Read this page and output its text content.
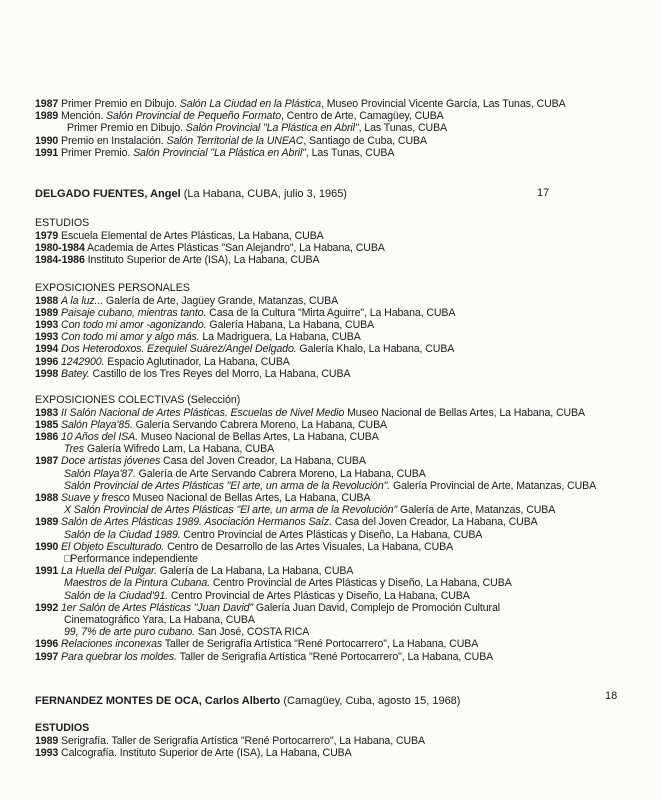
1987 Primer Premio en Dibujo. Salón La Ciudad en la Plástica, Museo Provincial Vicente García, Las Tunas, CUBA
1989 Mención. Salón Provincial de Pequeño Formato, Centro de Arte, Camagüey, CUBA
Primer Premio en Dibujo. Salón Provincial "La Plástica en Abril", Las Tunas, CUBA
1990 Premio en Instalación. Salón Territorial de la UNEAC, Santiago de Cuba, CUBA
1991 Primer Premio. Salón Provincial "La Plástica en Abril", Las Tunas, CUBA
DELGADO FUENTES, Angel (La Habana, CUBA, julio 3, 1965)	17
ESTUDIOS
1979 Escuela Elemental de Artes Plásticas, La Habana, CUBA
1980-1984 Academia de Artes Plásticas "San Alejandro", La Habana, CUBA
1984-1986 Instituto Superior de Arte (ISA), La Habana, CUBA
EXPOSICIONES PERSONALES
1988 A la luz... Galería de Arte, Jagüey Grande, Matanzas, CUBA
1989 Paisaje cubano, mientras tanto. Casa de la Cultura "Mirta Aguirre", La Habana, CUBA
1993 Con todo mi amor -agonizando. Galería Habana, La Habana, CUBA
1993 Con todo mi amor y algo más. La Madriguera, La Habana, CUBA
1994 Dos Heterodoxos. Ezequiel Suárez/Angel Delgado. Galería Khalo, La Habana, CUBA
1996 1242900. Espacio Aglutinador, La Habana, CUBA
1998 Batey. Castillo de los Tres Reyes del Morro, La Habana, CUBA
EXPOSICIONES COLECTIVAS (Selección)
1983 II Salón Nacional de Artes Plásticas. Escuelas de Nivel Medio Museo Nacional de Bellas Artes, La Habana, CUBA
1985 Salón Playa'85. Galería Servando Cabrera Moreno, La Habana, CUBA
1986 10 Años del ISA. Museo Nacional de Bellas Artes, La Habana, CUBA
Tres Galería Wifredo Lam, La Habana, CUBA
1987 Doce artistas jóvenes Casa del Joven Creador, La Habana, CUBA
Salón Playa'87. Galería de Arte Servando Cabrera Moreno, La Habana, CUBA
Salón Provincial de Artes Plásticas "El arte, un arma de la Revolución". Galería Provincial de Arte, Matanzas, CUBA
1988 Suave y fresco Museo Nacional de Bellas Artes, La Habana, CUBA
X Salón Provincial de Artes Plásticas "El arte, un arma de la Revolución" Galería de Arte, Matanzas, CUBA
1989 Salón de Artes Plásticas 1989. Asociación Hermanos Saíz. Casa del Joven Creador, La Habana, CUBA
Salón de la Ciudad 1989. Centro Provincial de Artes Plásticas y Diseño, La Habana, CUBA
1990 El Objeto Esculturado. Centro de Desarrollo de las Artes Visuales, La Habana, CUBA
□Performance independiente
1991 La Huella del Pulgar. Galería de La Habana, La Habana, CUBA
Maestros de la Pintura Cubana. Centro Provincial de Artes Plásticas y Diseño, La Habana, CUBA
Salón de la Ciudad'91. Centro Provincial de Artes Plásticas y Diseño, La Habana, CUBA
1992 1er Salón de Artes Plásticas "Juan David" Galería Juan David, Complejo de Promoción Cultural
Cinematográfico Yara, La Habana, CUBA
99, 7% de arte puro cubano. San José, COSTA RICA
1996 Relaciones inconexas Taller de Serigrafía Artística "René Portocarrero", La Habana, CUBA
1997 Para quebrar los moldes. Taller de Serigrafía Artística "René Portocarrero", La Habana, CUBA
FERNANDEZ MONTES DE OCA, Carlos Alberto (Camagüey, Cuba, agosto 15, 1968)	18
ESTUDIOS
1989 Serigrafía. Taller de Serigrafía Artística "René Portocarrero", La Habana, CUBA
1993 Calcografía. Instituto Superior de Arte (ISA), La Habana, CUBA
